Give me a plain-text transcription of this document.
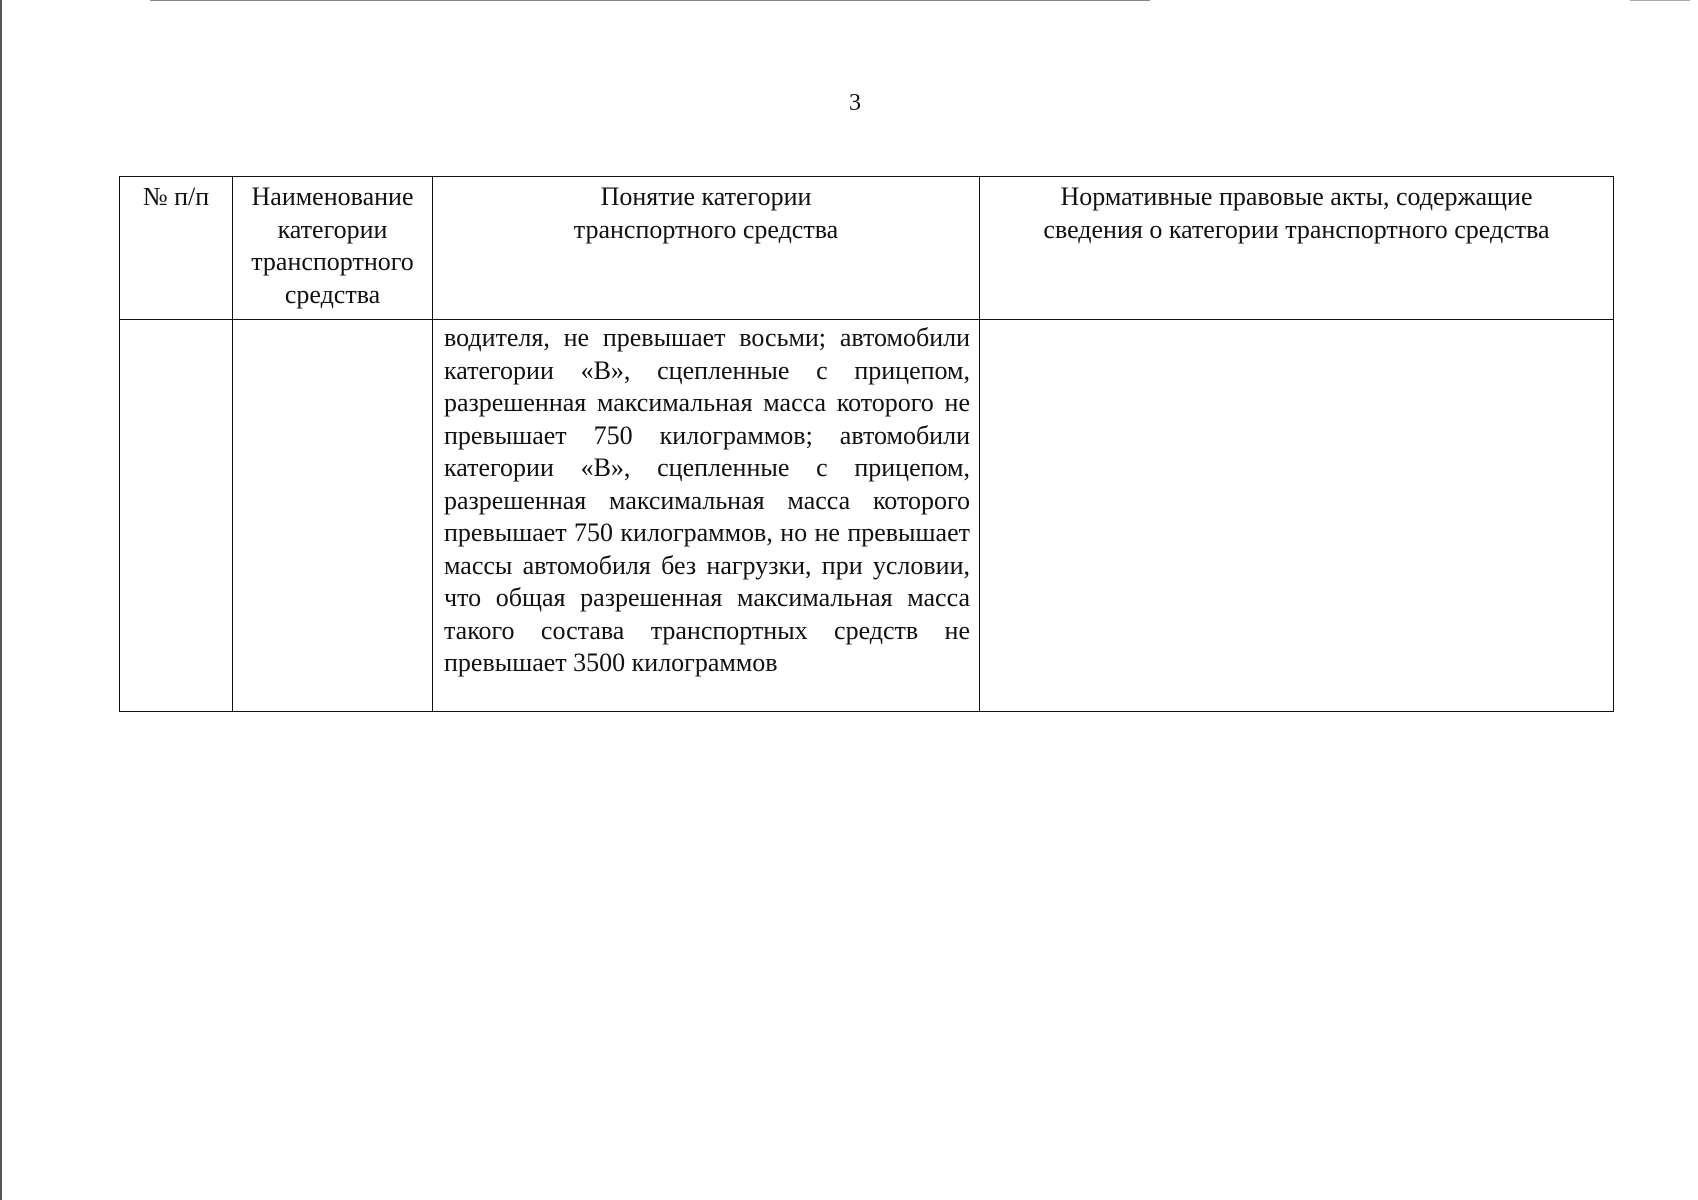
3
№ п/п	Наименование категории транспортного средства	Понятие категории транспортного средства	Нормативные правовые акты, содержащие сведения о категории транспортного средства

		водителя, не превышает восьми; автомобили категории «B», сцепленные с прицепом, разрешенная максимальная масса которого не превышает 750 килограммов; автомобили категории «B», сцепленные с прицепом, разрешенная максимальная масса которого превышает 750 килограммов, но не превышает массы автомобиля без нагрузки, при условии, что общая разрешенная максимальная масса такого состава транспортных средств не превышает 3500 килограммов	
